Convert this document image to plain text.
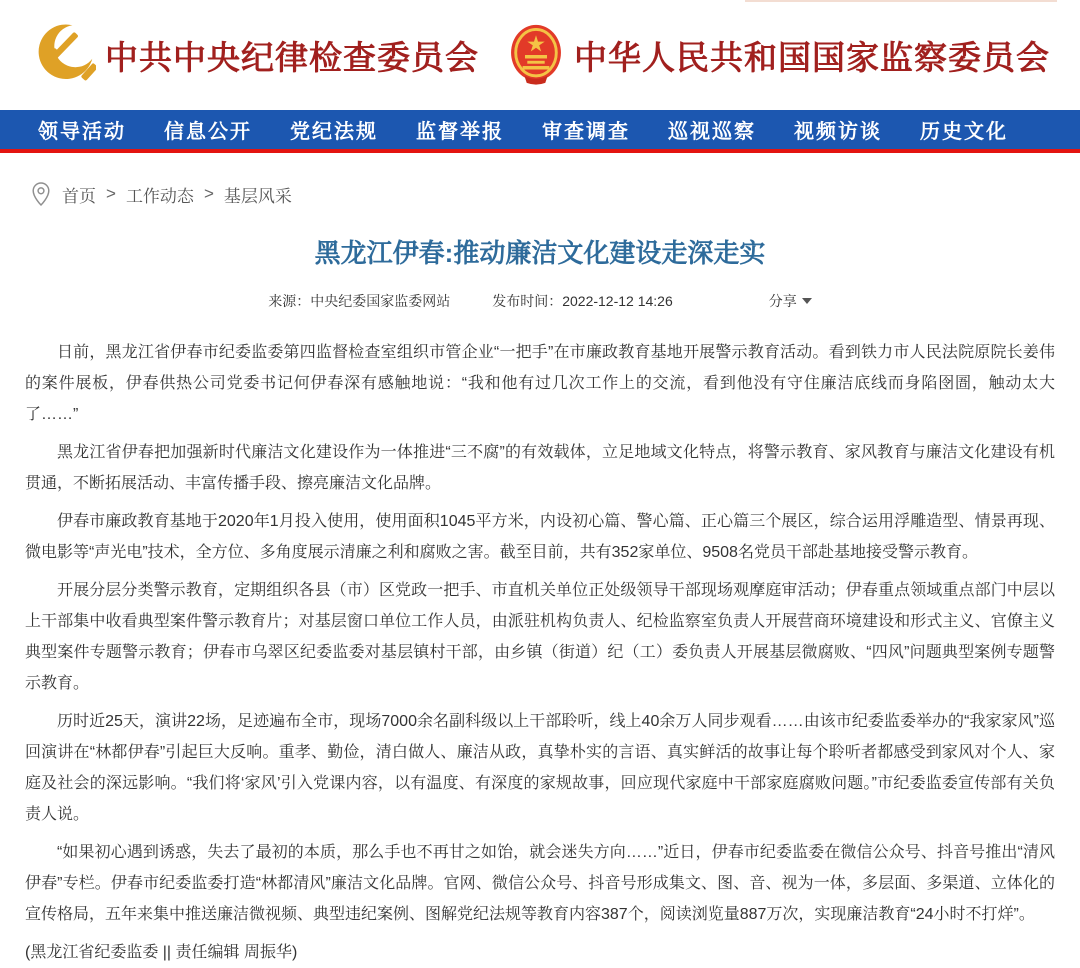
中共中央纪律检查委员会	中华人民共和国国家监察委员会
领导活动 信息公开 党纪法规 监督举报 审查调查 巡视巡察 视频访谈 历史文化
首页 > 工作动态 > 基层风采
黑龙江伊春:推动廉洁文化建设走深走实
来源： 中央纪委国家监委网站	发布时间： 2022-12-12 14:26	分享

日前，黑龙江省伊春市纪委监委第四监督检查室组织市管企业“一把手”在市廉政教育基地开展警示教育活动。看到铁力市人民法院原院长姜伟的案件展板，伊春供热公司党委书记何伊春深有感触地说：“我和他有过几次工作上的交流，看到他没有守住廉洁底线而身陷囹圄，触动太大了……”

黑龙江省伊春把加强新时代廉洁文化建设作为一体推进“三不腐”的有效载体，立足地域文化特点，将警示教育、家风教育与廉洁文化建设有机贯通，不断拓展活动、丰富传播手段、擦亮廉洁文化品牌。

伊春市廉政教育基地于2020年1月投入使用，使用面积1045平方米，内设初心篇、警心篇、正心篇三个展区，综合运用浮雕造型、情景再现、微电影等“声光电”技术，全方位、多角度展示清廉之利和腐败之害。截至目前，共有352家单位、9508名党员干部赴基地接受警示教育。

开展分层分类警示教育，定期组织各县（市）区党政一把手、市直机关单位正处级领导干部现场观摩庭审活动；伊春重点领域重点部门中层以上干部集中收看典型案件警示教育片；对基层窗口单位工作人员，由派驻机构负责人、纪检监察室负责人开展营商环境建设和形式主义、官僚主义典型案件专题警示教育；伊春市乌翠区纪委监委对基层镇村干部，由乡镇（街道）纪（工）委负责人开展基层微腐败、“四风”问题典型案例专题警示教育。

历时近25天，演讲22场，足迹遍布全市，现场7000余名副科级以上干部聆听，线上40余万人同步观看……由该市纪委监委举办的“我家家风”巡回演讲在“林都伊春”引起巨大反响。重孝、勤俭，清白做人、廉洁从政，真挚朴实的言语、真实鲜活的故事让每个聆听者都感受到家风对个人、家庭及社会的深远影响。“我们将‘家风’引入党课内容，以有温度、有深度的家规故事，回应现代家庭中干部家庭腐败问题。”市纪委监委宣传部有关负责人说。

“如果初心遇到诱惑，失去了最初的本质，那么手也不再甘之如饴，就会迷失方向……”近日，伊春市纪委监委在微信公众号、抖音号推出“清风伊春”专栏。伊春市纪委监委打造“林都清风”廉洁文化品牌。官网、微信公众号、抖音号形成集文、图、音、视为一体，多层面、多渠道、立体化的宣传格局，五年来集中推送廉洁微视频、典型违纪案例、图解党纪法规等教育内容387个，阅读浏览量887万次，实现廉洁教育“24小时不打烊”。

(黑龙江省纪委监委 || 责任编辑 周振华)
